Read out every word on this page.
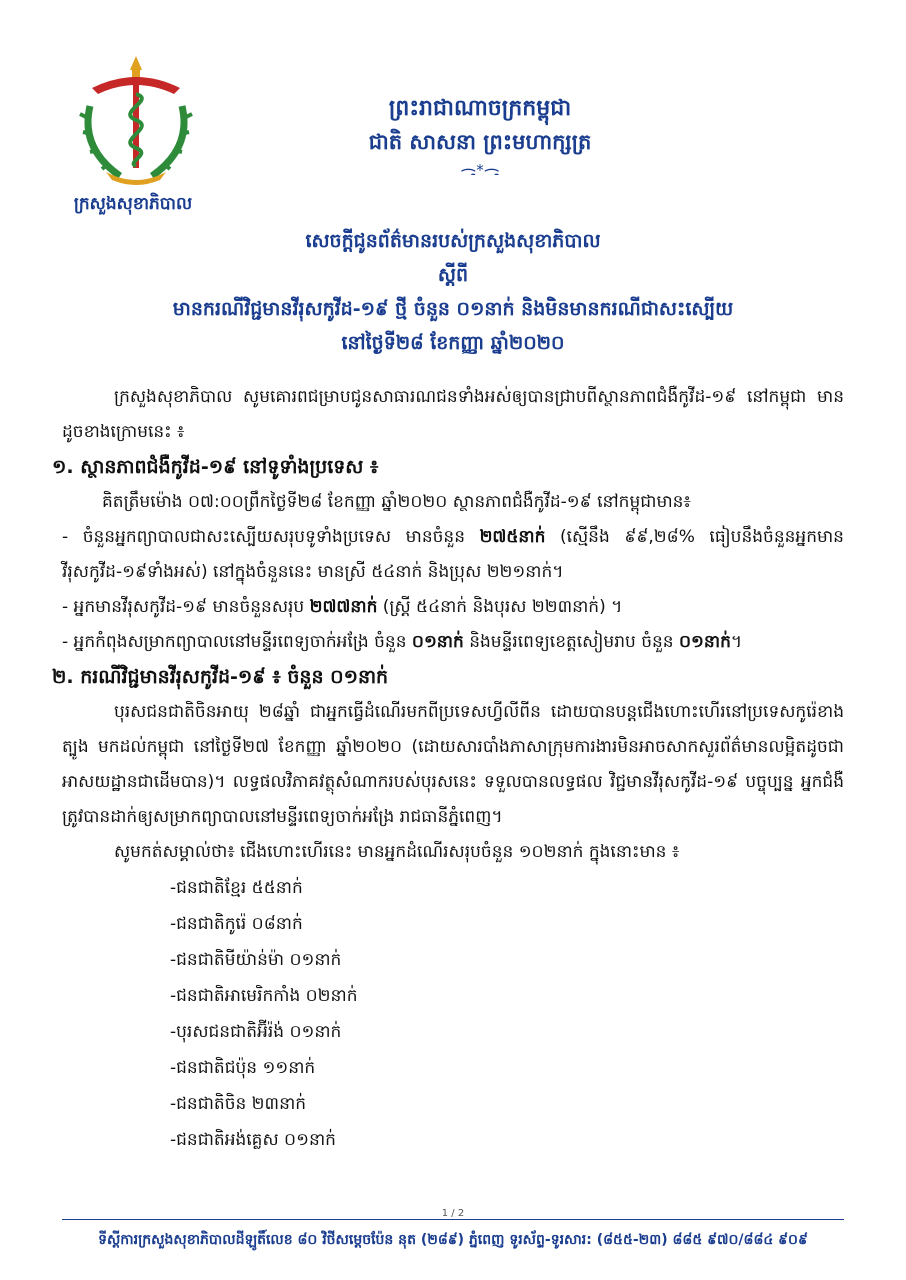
ក្រសួងសុខាភិបាល
ព្រះរាជាណាចក្រកម្ពុជា
ជាតិ សាសនា ព្រះមហាក្សត្រ
ᯏ*ᯏ
សេចក្តីជូនព័ត៌មានរបស់ក្រសួងសុខាភិបាល
ស្តីពី
មានករណីវិជ្ជមានវីរុសកូវីដ-១៩ ថ្មី ចំនួន ០១នាក់ និងមិនមានករណីជាសះស្បើយ
នៅថ្ងៃទី២៨ ខែកញ្ញា ឆ្នាំ២០២០
ក្រសួងសុខាភិបាល សូមគោរពជម្រាបជូនសាធារណជនទាំងអស់ឲ្យបានជ្រាបពីស្ថានភាពជំងឺកូវីដ-១៩ នៅកម្ពុជា មានដូចខាងក្រោមនេះ ៖
១. ស្ថានភាពជំងឺកូវីដ-១៩ នៅទូទាំងប្រទេស ៖
គិតត្រឹមម៉ោង ០៧:០០ព្រឹកថ្ងៃទី២៨ ខែកញ្ញា ឆ្នាំ២០២០ ស្ថានភាពជំងឺកូវីដ-១៩ នៅកម្ពុជាមាន៖
- ចំនួនអ្នកព្យាបាលជាសះស្បើយសរុបទូទាំងប្រទេស មានចំនួន ២៧៥នាក់ (ស្មើនឹង ៩៩,២៨% ធៀបនឹងចំនួនអ្នកមានវីរុសកូវីដ-១៩ទាំងអស់) នៅក្នុងចំនួននេះ មានស្រី ៥៤នាក់ និងប្រុស ២២១នាក់។
- អ្នកមានវីរុសកូវីដ-១៩ មានចំនួនសរុប ២៧៧នាក់ (ស្ត្រី ៥៤នាក់ និងបុរស ២២៣នាក់) ។
- អ្នកកំពុងសម្រាកព្យាបាលនៅមន្ទីរពេទ្យចាក់អង្រែ ចំនួន ០១នាក់ និងមន្ទីរពេទ្យខេត្តសៀមរាប ចំនួន ០១នាក់។
២. ករណីវិជ្ជមានវីរុសកូវីដ-១៩ ៖ ចំនួន ០១នាក់
បុរសជនជាតិចិនអាយុ ២៨ឆ្នាំ ជាអ្នកធ្វើដំណើរមកពីប្រទេសហ្វីលីពីន ដោយបានបន្តជើងហោះហើរនៅប្រទេសកូរ៉េខាងត្បូង មកដល់កម្ពុជា នៅថ្ងៃទី២៧ ខែកញ្ញា ឆ្នាំ២០២០ (ដោយសារបាំងភាសាក្រុមការងារមិនអាចសាកសួរព័ត៌មានលម្អិតដូចជាអាសយដ្ឋានជាដើមបាន)។ លទ្ធផលវិភាគវត្ថុសំណាករបស់បុរសនេះ ទទួលបានលទ្ធផល វិជ្ជមានវីរុសកូវីដ-១៩ បច្ចុប្បន្ន អ្នកជំងឺ ត្រូវបានដាក់ឲ្យសម្រាកព្យាបាលនៅមន្ទីរពេទ្យចាក់អង្រែ រាជធានីភ្នំពេញ។
សូមកត់សម្គាល់ថា៖ ជើងហោះហើរនេះ មានអ្នកដំណើរសរុបចំនួន ១០២នាក់ ក្នុងនោះមាន ៖
-ជនជាតិខ្មែរ ៥៥នាក់
-ជនជាតិកូរ៉េ ០៨នាក់
-ជនជាតិមីយ៉ាន់ម៉ា ០១នាក់
-ជនជាតិអាមេរិកកាំង ០២នាក់
-បុរសជនជាតិអ៊ីរ៉ង់ ០១នាក់
-ជនជាតិជប៉ុន ១១នាក់
-ជនជាតិចិន ២៣នាក់
-ជនជាតិអង់គ្លេស ០១នាក់
1 / 2
ទីស្តីការក្រសួងសុខាភិបាលដីឡូតិ៍លេខ ៨០ វិថីសម្តេចប៉ែន នុត (២៨៩) ភ្នំពេញ ទូរស័ព្ទ-ទូរសារ: (៨៥៥-២៣) ៨៨៥ ៩៧០/៨៨៤ ៩០៩
